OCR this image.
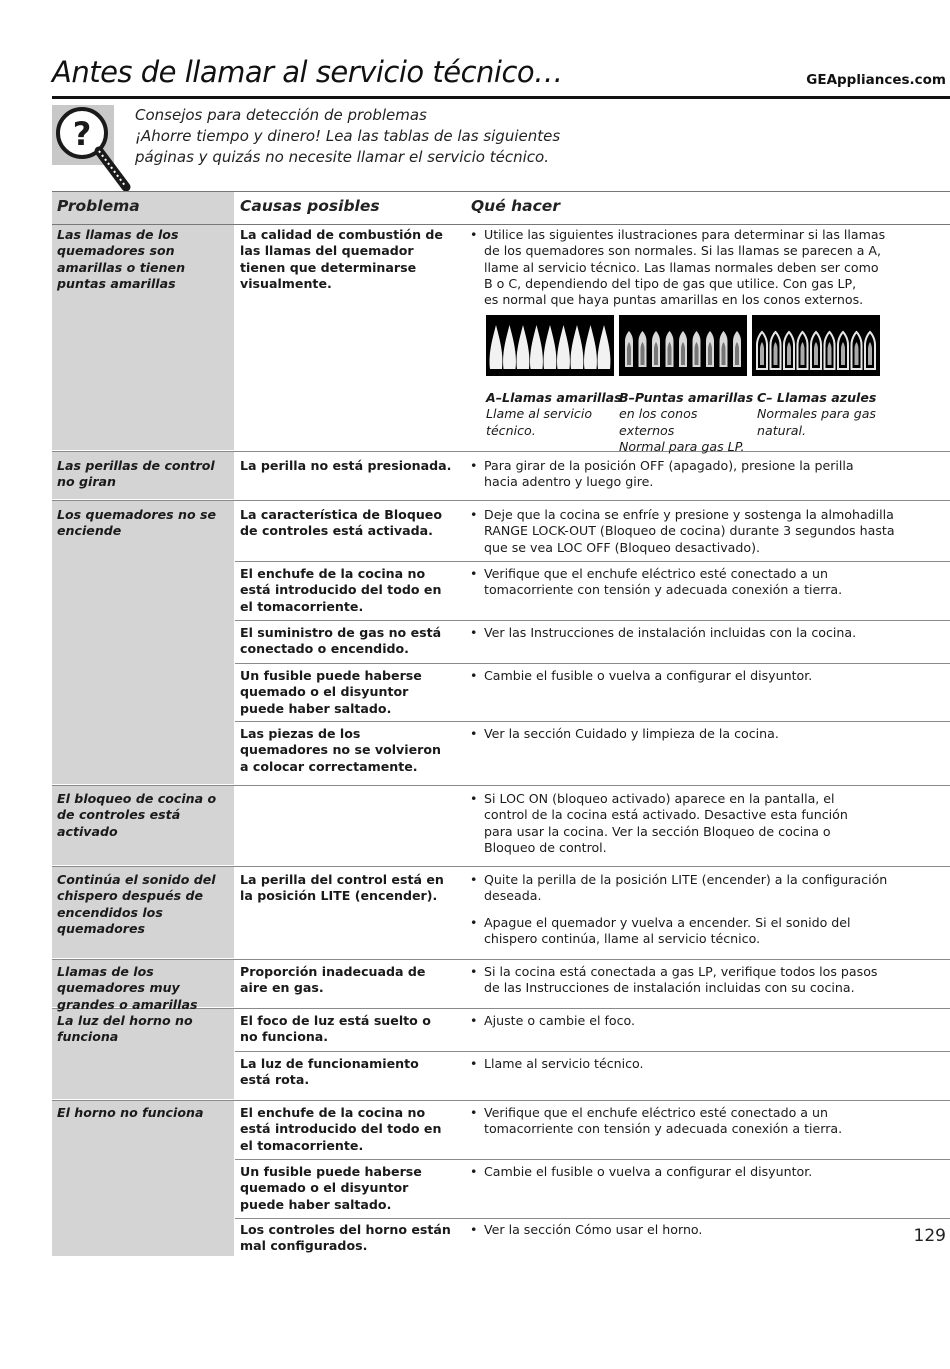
Antes de llamar al servicio técnico…	GEAppliances.com
?	Consejos para detección de problemas
¡Ahorre tiempo y dinero! Lea las tablas de las siguientes
páginas y quizás no necesite llamar el servicio técnico.
Problema	Causas posibles	Qué hacer
A–Llamas amarillas
Llame al servicio
técnico.
B–Puntas amarillas
en los conos externos
Normal para gas LP.
C– Llamas azules
Normales para gas
natural.
Las llamas de los quemadores son amarillas o tienen puntas amarillas
La calidad de combustión de las llamas del quemador tienen que determinarse visualmente.
• Utilice las siguientes ilustraciones para determinar si las llamas
de los quemadores son normales. Si las llamas se parecen a A,
llame al servicio técnico. Las llamas normales deben ser como
B o C, dependiendo del tipo de gas que utilice. Con gas LP,
es normal que haya puntas amarillas en los conos externos.
Las perillas de control no giran
La perilla no está presionada.
•	Para girar de la posición OFF (apagado), presione la perilla
hacia adentro y luego gire.
Los quemadores no se enciende
La característica de Bloqueo de controles está activada.
• Deje que la cocina se enfríe y presione y sostenga la almohadilla
RANGE LOCK-OUT (Bloqueo de cocina) durante 3 segundos hasta
que se vea LOC OFF (Bloqueo desactivado).
El enchufe de la cocina no está introducido del todo en el tomacorriente.
• Verifique que el enchufe eléctrico esté conectado a un
tomacorriente con tensión y adecuada conexión a tierra.
El suministro de gas no está conectado o encendido.
• Ver las Instrucciones de instalación incluidas con la cocina.
Un fusible puede haberse quemado o el disyuntor puede haber saltado.
• Cambie el fusible o vuelva a configurar el disyuntor.
Las piezas de los quemadores no se volvieron a colocar correctamente.
• Ver la sección Cuidado y limpieza de la cocina.
El bloqueo de cocina o de controles está activado
• Si LOC ON (bloqueo activado) aparece en la pantalla, el
control de la cocina está activado. Desactive esta función
para usar la cocina. Ver la sección Bloqueo de cocina o
Bloqueo de control.
Continúa el sonido del chispero después de encendidos los quemadores
La perilla del control está en la posición LITE (encender).
• Quite la perilla de la posición LITE (encender) a la configuración
deseada.
• Apague el quemador y vuelva a encender. Si el sonido del
chispero continúa, llame al servicio técnico.
Llamas de los quemadores muy grandes o amarillas
Proporción inadecuada de aire en gas.
• Si la cocina está conectada a gas LP, verifique todos los pasos
de las Instrucciones de instalación incluidas con su cocina.
La luz del horno no funciona
El foco de luz está suelto o no funciona.
• Ajuste o cambie el foco.
La luz de funcionamiento está rota.
• Llame al servicio técnico.
El horno no funciona	El enchufe de la cocina no está introducido del todo en el tomacorriente.
• Verifique que el enchufe eléctrico esté conectado a un
tomacorriente con tensión y adecuada conexión a tierra.
Un fusible puede haberse quemado o el disyuntor puede haber saltado.
• Cambie el fusible o vuelva a configurar el disyuntor.
Los controles del horno están mal configurados.
• Ver la sección Cómo usar el horno.	129
